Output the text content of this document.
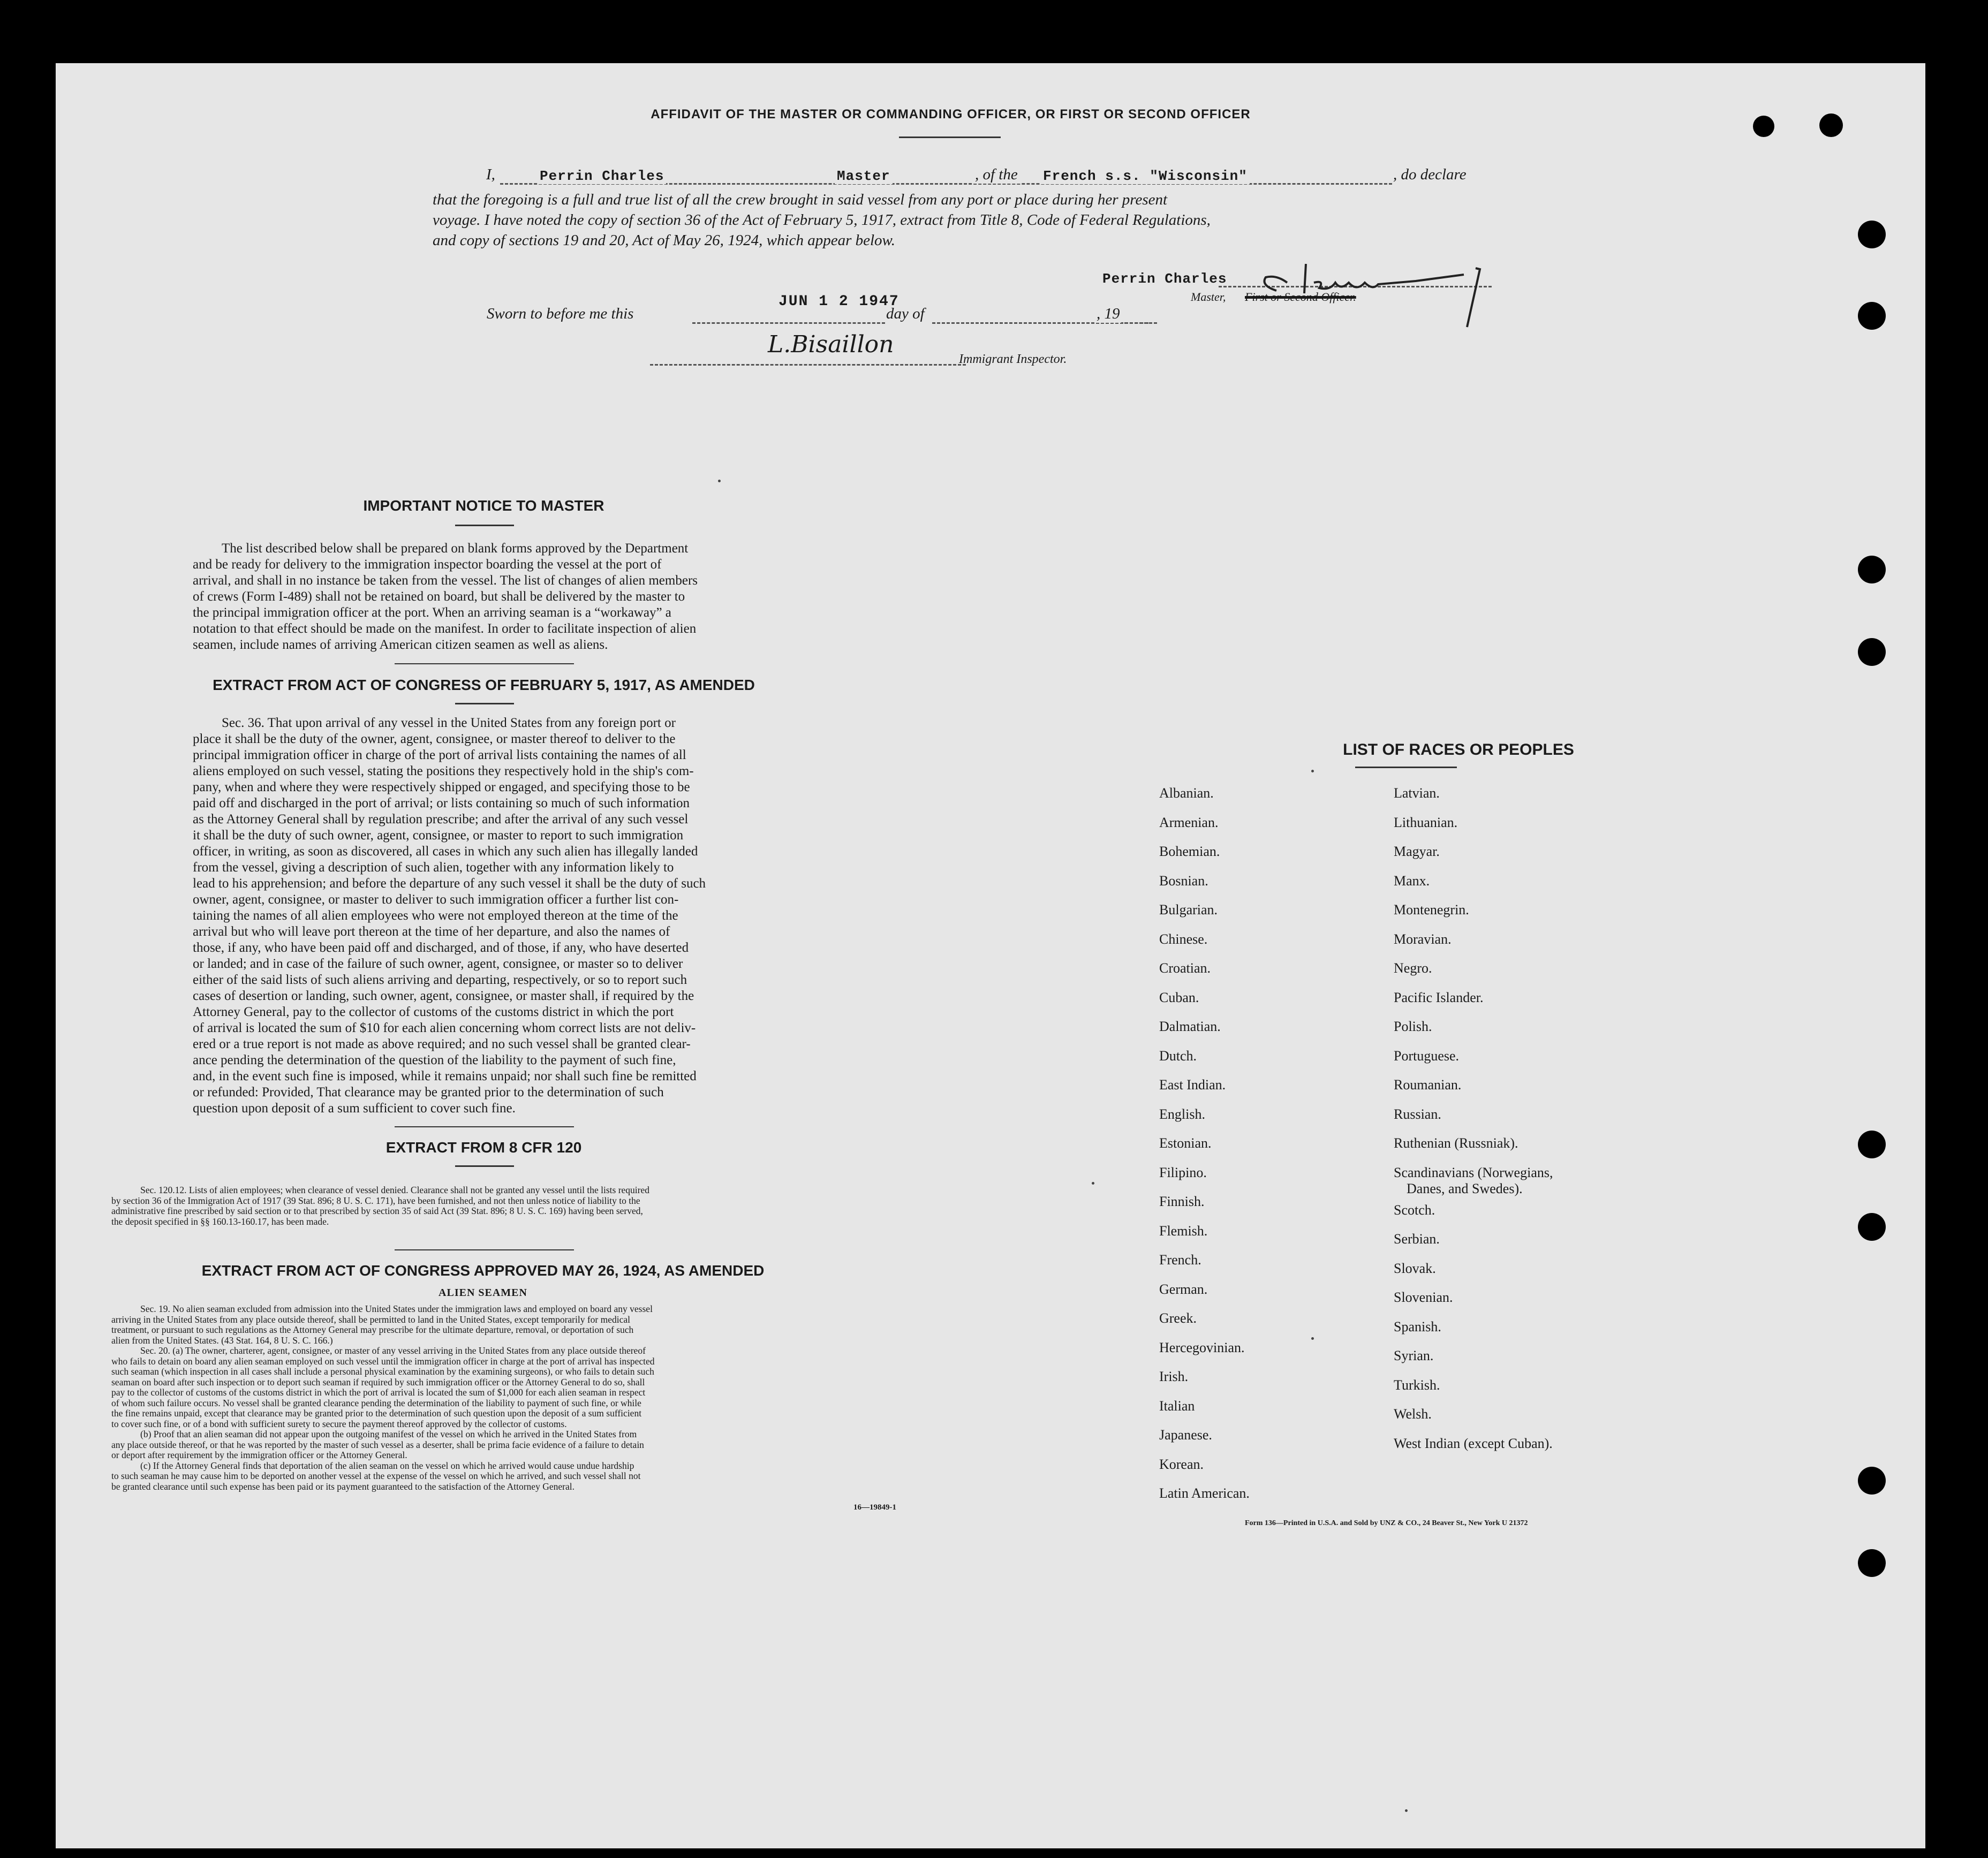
AFFIDAVIT OF THE MASTER OR COMMANDING OFFICER, OR FIRST OR SECOND OFFICER
I,	Perrin Charles	Master	, of the French s.s. "Wisconsin"	, do declare
that the foregoing is a full and true list of all the crew brought in said vessel from any port or place during her present
voyage. I have noted the copy of section 36 of the Act of February 5, 1917, extract from Title 8, Code of Federal Regulations,
and copy of sections 19 and 20, Act of May 26, 1924, which appear below.
Perrin Charles
Master, First or Second Officer.
Sworn to before me this
JUN 1 2 1947
day of	, 19
L.Bisaillon
Immigrant Inspector.
IMPORTANT NOTICE TO MASTER
The list described below shall be prepared on blank forms approved by the Department
and be ready for delivery to the immigration inspector boarding the vessel at the port of
arrival, and shall in no instance be taken from the vessel. The list of changes of alien members
of crews (Form I-489) shall not be retained on board, but shall be delivered by the master to
the principal immigration officer at the port. When an arriving seaman is a “workaway” a
notation to that effect should be made on the manifest. In order to facilitate inspection of alien
seamen, include names of arriving American citizen seamen as well as aliens.
EXTRACT FROM ACT OF CONGRESS OF FEBRUARY 5, 1917, AS AMENDED
Sec. 36. That upon arrival of any vessel in the United States from any foreign port or
place it shall be the duty of the owner, agent, consignee, or master thereof to deliver to the
principal immigration officer in charge of the port of arrival lists containing the names of all
aliens employed on such vessel, stating the positions they respectively hold in the ship's com-
pany, when and where they were respectively shipped or engaged, and specifying those to be
paid off and discharged in the port of arrival; or lists containing so much of such information
as the Attorney General shall by regulation prescribe; and after the arrival of any such vessel
it shall be the duty of such owner, agent, consignee, or master to report to such immigration
officer, in writing, as soon as discovered, all cases in which any such alien has illegally landed
from the vessel, giving a description of such alien, together with any information likely to
lead to his apprehension; and before the departure of any such vessel it shall be the duty of such
owner, agent, consignee, or master to deliver to such immigration officer a further list con-
taining the names of all alien employees who were not employed thereon at the time of the
arrival but who will leave port thereon at the time of her departure, and also the names of
those, if any, who have been paid off and discharged, and of those, if any, who have deserted
or landed; and in case of the failure of such owner, agent, consignee, or master so to deliver
either of the said lists of such aliens arriving and departing, respectively, or so to report such
cases of desertion or landing, such owner, agent, consignee, or master shall, if required by the
Attorney General, pay to the collector of customs of the customs district in which the port
of arrival is located the sum of $10 for each alien concerning whom correct lists are not deliv-
ered or a true report is not made as above required; and no such vessel shall be granted clear-
ance pending the determination of the question of the liability to the payment of such fine,
and, in the event such fine is imposed, while it remains unpaid; nor shall such fine be remitted
or refunded: Provided, That clearance may be granted prior to the determination of such
question upon deposit of a sum sufficient to cover such fine.
EXTRACT FROM 8 CFR 120
Sec. 120.12. Lists of alien employees; when clearance of vessel denied. Clearance shall not be granted any vessel until the lists required
by section 36 of the Immigration Act of 1917 (39 Stat. 896; 8 U. S. C. 171), have been furnished, and not then unless notice of liability to the
administrative fine prescribed by said section or to that prescribed by section 35 of said Act (39 Stat. 896; 8 U. S. C. 169) having been served,
the deposit specified in §§ 160.13-160.17, has been made.
EXTRACT FROM ACT OF CONGRESS APPROVED MAY 26, 1924, AS AMENDED
ALIEN SEAMEN
Sec. 19. No alien seaman excluded from admission into the United States under the immigration laws and employed on board any vessel
arriving in the United States from any place outside thereof, shall be permitted to land in the United States, except temporarily for medical
treatment, or pursuant to such regulations as the Attorney General may prescribe for the ultimate departure, removal, or deportation of such
alien from the United States. (43 Stat. 164, 8 U. S. C. 166.)
Sec. 20. (a) The owner, charterer, agent, consignee, or master of any vessel arriving in the United States from any place outside thereof
who fails to detain on board any alien seaman employed on such vessel until the immigration officer in charge at the port of arrival has inspected
such seaman (which inspection in all cases shall include a personal physical examination by the examining surgeons), or who fails to detain such
seaman on board after such inspection or to deport such seaman if required by such immigration officer or the Attorney General to do so, shall
pay to the collector of customs of the customs district in which the port of arrival is located the sum of $1,000 for each alien seaman in respect
of whom such failure occurs. No vessel shall be granted clearance pending the determination of the liability to payment of such fine, or while
the fine remains unpaid, except that clearance may be granted prior to the determination of such question upon the deposit of a sum sufficient
to cover such fine, or of a bond with sufficient surety to secure the payment thereof approved by the collector of customs.
(b) Proof that an alien seaman did not appear upon the outgoing manifest of the vessel on which he arrived in the United States from
any place outside thereof, or that he was reported by the master of such vessel as a deserter, shall be prima facie evidence of a failure to detain
or deport after requirement by the immigration officer or the Attorney General.
(c) If the Attorney General finds that deportation of the alien seaman on the vessel on which he arrived would cause undue hardship
to such seaman he may cause him to be deported on another vessel at the expense of the vessel on which he arrived, and such vessel shall not
be granted clearance until such expense has been paid or its payment guaranteed to the satisfaction of the Attorney General.
16—19849-1
LIST OF RACES OR PEOPLES
Albanian.
Armenian.
Bohemian.
Bosnian.
Bulgarian.
Chinese.
Croatian.
Cuban.
Dalmatian.
Dutch.
East Indian.
English.
Estonian.
Filipino.
Finnish.
Flemish.
French.
German.
Greek.
Hercegovinian.
Irish.
Italian
Japanese.
Korean.
Latin American.
Latvian.
Lithuanian.
Magyar.
Manx.
Montenegrin.
Moravian.
Negro.
Pacific Islander.
Polish.
Portuguese.
Roumanian.
Russian.
Ruthenian (Russniak).
Scandinavians (Norwegians,
Danes, and Swedes).
Scotch.
Serbian.
Slovak.
Slovenian.
Spanish.
Syrian.
Turkish.
Welsh.
West Indian (except Cuban).
Form 136—Printed in U.S.A. and Sold by UNZ & CO., 24 Beaver St., New York U 21372
